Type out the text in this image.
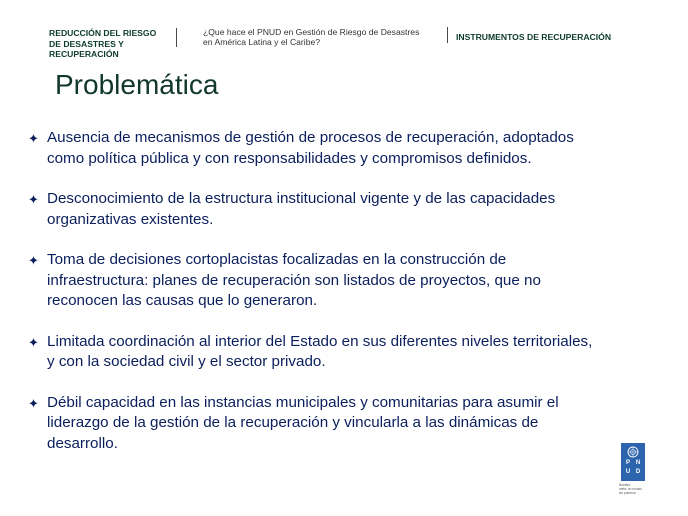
REDUCCIÓN DEL RIESGO
DE DESASTRES Y
RECUPERACIÓN
¿Que hace el PNUD en Gestión de Riesgo de Desastres
en América Latina y el Caribe?	INSTRUMENTOS DE RECUPERACIÓN
Problemática
✦ Ausencia de mecanismos de gestión de procesos de recuperación, adoptados
como política pública y con responsabilidades y compromisos definidos.
✦ Desconocimiento de la estructura institucional vigente y de las capacidades
organizativas existentes.
✦ Toma de decisiones cortoplacistas focalizadas en la construcción de
infraestructura: planes de recuperación son listados de proyectos, que no
reconocen las causas que lo generaron.
✦ Limitada coordinación al interior del Estado en sus diferentes niveles territoriales,
y con la sociedad civil y el sector privado.
✦ Débil capacidad en las instancias municipales y comunitarias para asumir el
liderazgo de la gestión de la recuperación y vincularla a las dinámicas de
desarrollo.
P N
U D
Nuestra
meta: un mundo
sin pobreza
